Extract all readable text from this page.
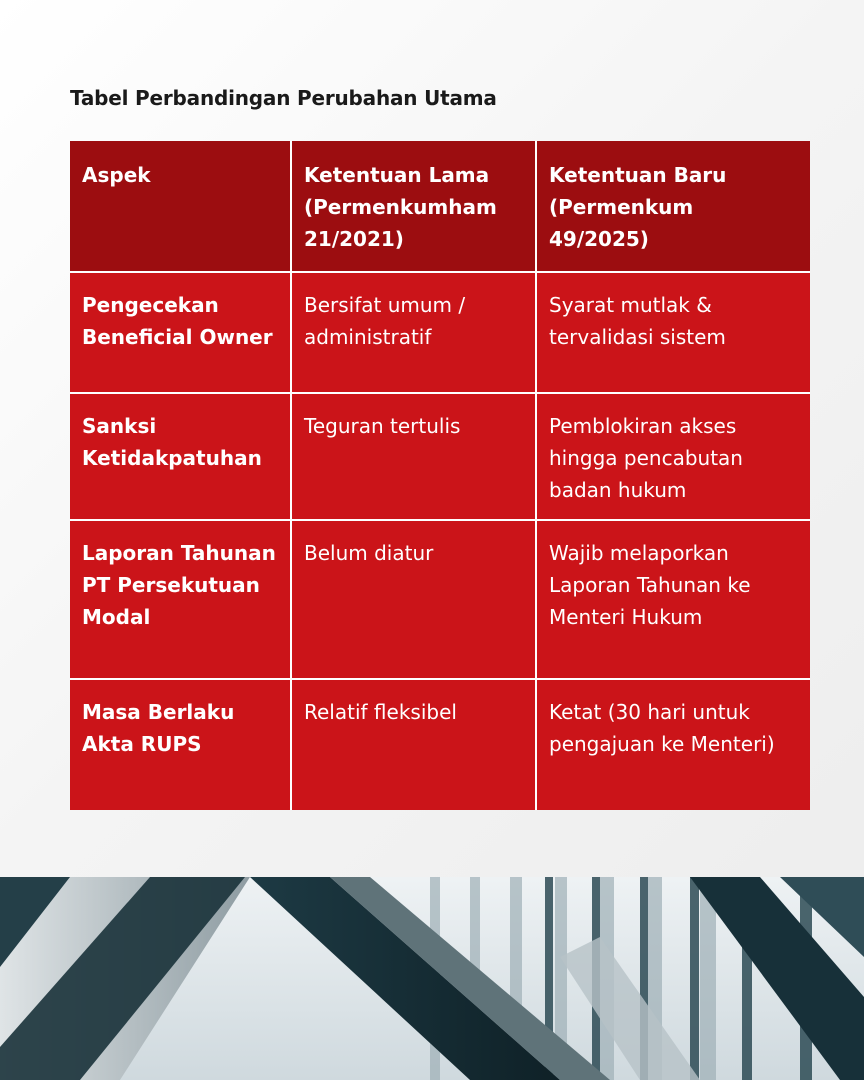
Tabel Perbandingan Perubahan Utama
Aspek	Ketentuan Lama (Permenkumham 21/2021)	Ketentuan Baru (Permenkum 49/2025)
Pengecekan Beneficial Owner	Bersifat umum / administratif	Syarat mutlak & tervalidasi sistem
Sanksi Ketidakpatuhan	Teguran tertulis	Pemblokiran akses hingga pencabutan badan hukum
Laporan Tahunan PT Persekutuan Modal	Belum diatur	Wajib melaporkan Laporan Tahunan ke Menteri Hukum
Masa Berlaku Akta RUPS	Relatif fleksibel	Ketat (30 hari untuk pengajuan ke Menteri)
